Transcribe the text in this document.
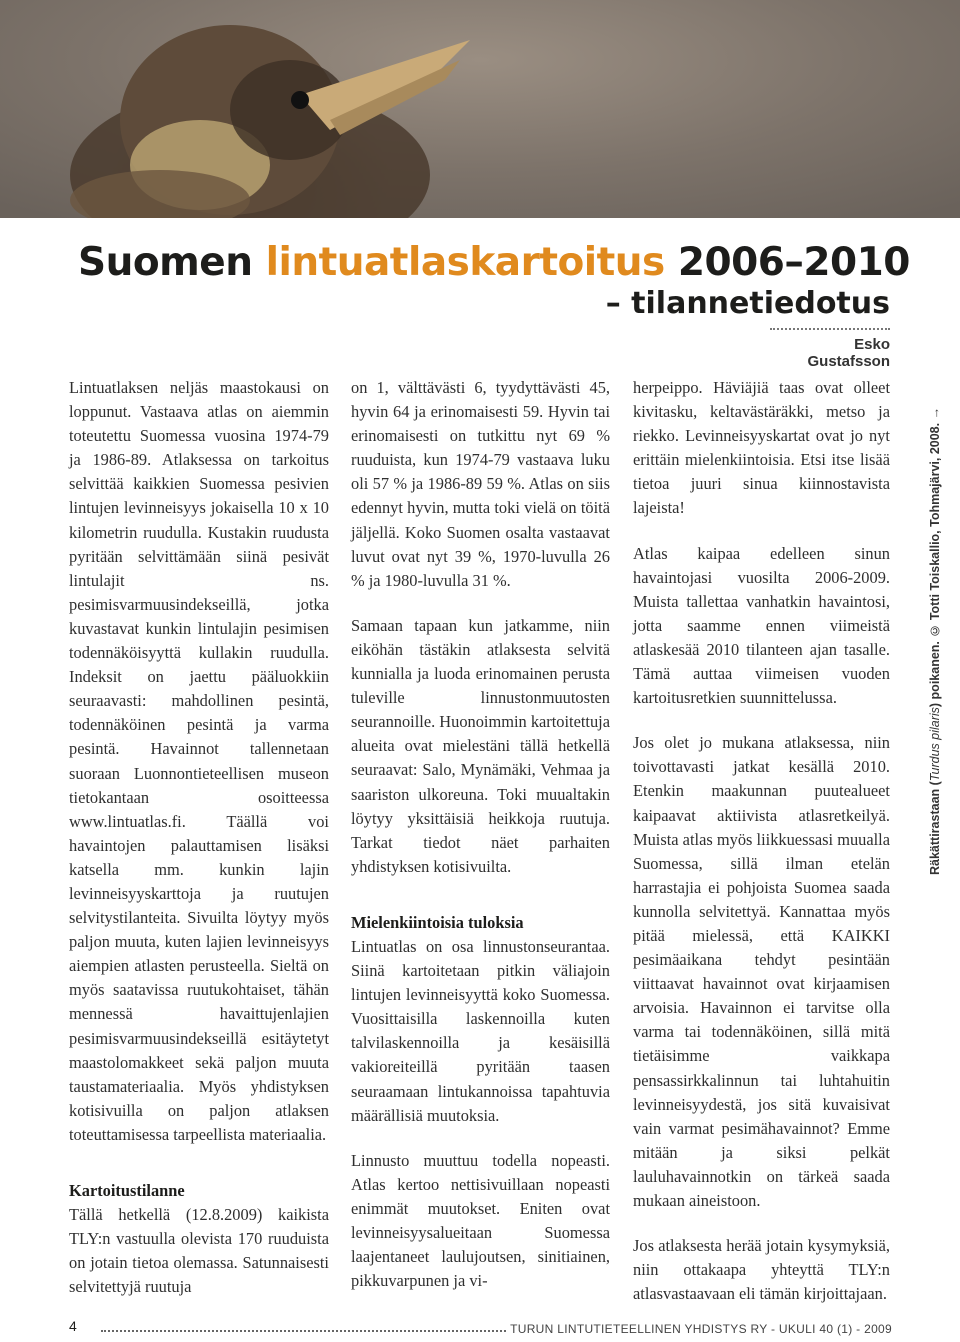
Suomen lintuatlaskartoitus 2006–2010
– tilannetiedotus
Esko Gustafsson

Lintuatlaksen neljäs maastokausi on loppunut. Vastaava atlas on aiemmin toteutettu Suomessa vuosina 1974-79 ja 1986-89. Atlaksessa on tarkoitus selvittää kaikkien Suomessa pesivien lintujen levinneisyys jokaisella 10 x 10 kilometrin ruudulla. Kustakin ruudusta pyritään selvittämään siinä pesivät lintulajit ns. pesimisvarmuusindekseillä, jotka kuvastavat kunkin lintulajin pesimisen todennäköisyyttä kullakin ruudulla. Indeksit on jaettu pääluokkiin seuraavasti: mahdollinen pesintä, todennäköinen pesintä ja varma pesintä. Havainnot tallennetaan suoraan Luonnontieteellisen museon tietokantaan osoitteessa www.lintuatlas.fi. Täällä voi havaintojen palauttamisen lisäksi katsella mm. kunkin lajin levinneisyyskarttoja ja ruutujen selvitystilanteita. Sivuilta löytyy myös paljon muuta, kuten lajien levinneisyys aiempien atlasten perusteella. Sieltä on myös saatavissa ruutukohtaiset, tähän mennessä havaittujenlajien pesimisvarmuusindekseillä esitäytetyt maastolomakkeet sekä paljon muuta taustamateriaalia. Myös yhdistyksen kotisivuilla on paljon atlaksen toteuttamisessa tarpeellista materiaalia.

Kartoitustilanne

Tällä hetkellä (12.8.2009) kaikista TLY:n vastuulla olevista 170 ruuduista on jotain tietoa olemassa. Satunnaisesti selvitettyjä ruutuja

on 1, välttävästi 6, tyydyttävästi 45, hyvin 64 ja erinomaisesti 59. Hyvin tai erinomaisesti on tutkittu nyt 69 % ruuduista, kun 1974-79 vastaava luku oli 57 % ja 1986-89 59 %. Atlas on siis edennyt hyvin, mutta toki vielä on töitä jäljellä. Koko Suomen osalta vastaavat luvut ovat nyt 39 %, 1970-luvulla 26 % ja 1980-luvulla 31 %.

Samaan tapaan kun jatkamme, niin eiköhän tästäkin atlaksesta selvitä kunnialla ja luoda erinomainen perusta tuleville linnustonmuutosten seurannoille. Huonoimmin kartoitettuja alueita ovat mielestäni tällä hetkellä seuraavat: Salo, Mynämäki, Vehmaa ja saariston ulkoreuna. Toki muualtakin löytyy yksittäisiä heikkoja ruutuja. Tarkat tiedot näet parhaiten yhdistyksen kotisivuilta.

Mielenkiintoisia tuloksia

Lintuatlas on osa linnustonseurantaa. Siinä kartoitetaan pitkin väliajoin lintujen levinneisyyttä koko Suomessa. Vuosittaisilla laskennoilla kuten talvilaskennoilla ja kesäisillä vakioreiteillä pyritään taasen seuraamaan lintukannoissa tapahtuvia määrällisiä muutoksia.

Linnusto muuttuu todella nopeasti. Atlas kertoo nettisivuillaan nopeasti enimmät muutokset. Eniten ovat levinneisyysalueitaan Suomessa laajentaneet laulujoutsen, sinitiainen, pikkuvarpunen ja vi-

herpeippo. Häviäjiä taas ovat olleet kivitasku, keltavästäräkki, metso ja riekko. Levinneisyyskartat ovat jo nyt erittäin mielenkiintoisia. Etsi itse lisää tietoa juuri sinua kiinnostavista lajeista!

Atlas kaipaa edelleen sinun havaintojasi vuosilta 2006-2009. Muista tallettaa vanhatkin havaintosi, jotta saamme ennen viimeistä atlaskesää 2010 tilanteen ajan tasalle. Tämä auttaa viimeisen vuoden kartoitusretkien suunnittelussa.

Jos olet jo mukana atlaksessa, niin toivottavasti jatkat kesällä 2010. Etenkin maakunnan puutealueet kaipaavat aktiivista atlasretkeilyä. Muista atlas myös liikkuessasi muualla Suomessa, sillä ilman etelän harrastajia ei pohjoista Suomea saada kunnolla selvitettyä. Kannattaa myös pitää mielessä, että KAIKKI pesimäaikana tehdyt pesintään viittaavat havainnot ovat kirjaamisen arvoisia. Havainnon ei tarvitse olla varma tai todennäköinen, sillä mitä tietäisimme vaikkapa pensassirkkalinnun tai luhtahuitin levinneisyydestä, jos sitä kuvaisivat vain varmat pesimähavainnot? Emme mitään ja siksi pelkät lauluhavainnotkin on tärkeä saada mukaan aineistoon.

Jos atlaksesta herää jotain kysymyksiä, niin ottakaapa yhteyttä TLY:n atlasvastaavaan eli tämän kirjoittajaan.

Räkättirastaan (Turdus pilaris) poikanen. © Totti Toiskallio, Tohmajärvi, 2008. →
4	TURUN LINTUTIETEELLINEN YHDISTYS RY - UKULI 40 (1) - 2009
